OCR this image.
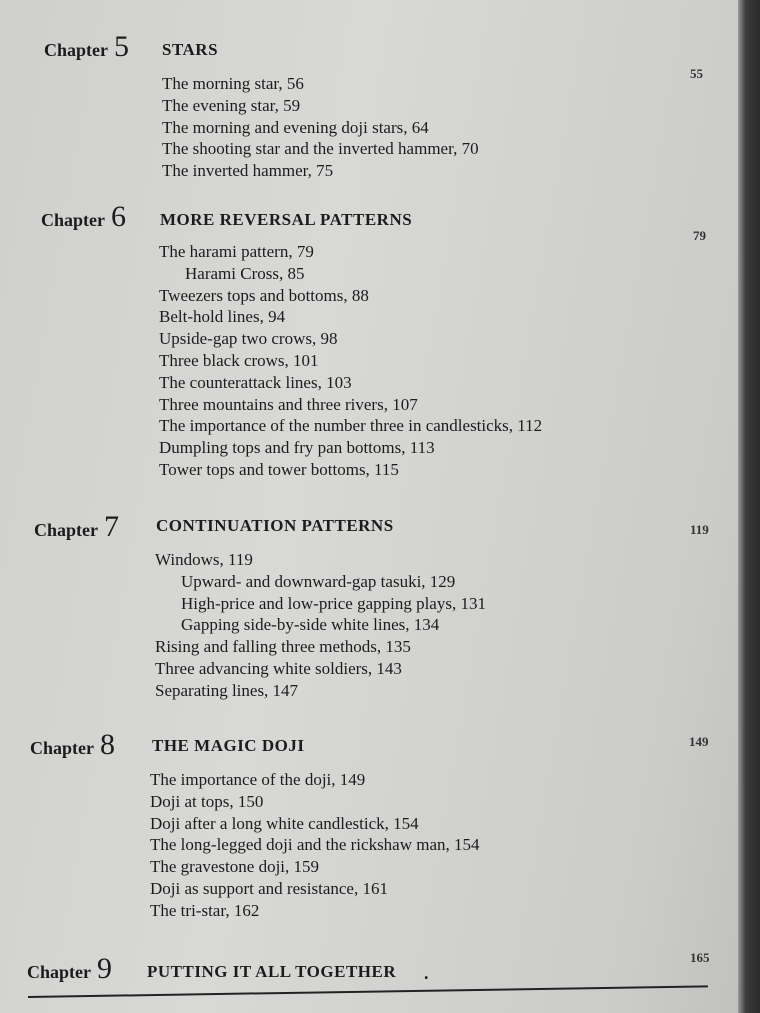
Chapter 5 STARS
55
The morning star, 56
The evening star, 59
The morning and evening doji stars, 64
The shooting star and the inverted hammer, 70
The inverted hammer, 75
Chapter 6 MORE REVERSAL PATTERNS
79
The harami pattern, 79
Harami Cross, 85
Tweezers tops and bottoms, 88
Belt-hold lines, 94
Upside-gap two crows, 98
Three black crows, 101
The counterattack lines, 103
Three mountains and three rivers, 107
The importance of the number three in candlesticks, 112
Dumpling tops and fry pan bottoms, 113
Tower tops and tower bottoms, 115
Chapter 7 CONTINUATION PATTERNS	119
Windows, 119
Upward- and downward-gap tasuki, 129
High-price and low-price gapping plays, 131
Gapping side-by-side white lines, 134
Rising and falling three methods, 135
Three advancing white soldiers, 143
Separating lines, 147
Chapter 8 THE MAGIC DOJI	149
The importance of the doji, 149
Doji at tops, 150
Doji after a long white candlestick, 154
The long-legged doji and the rickshaw man, 154
The gravestone doji, 159
Doji as support and resistance, 161
The tri-star, 162
Chapter 9 PUTTING IT ALL TOGETHER .
165
